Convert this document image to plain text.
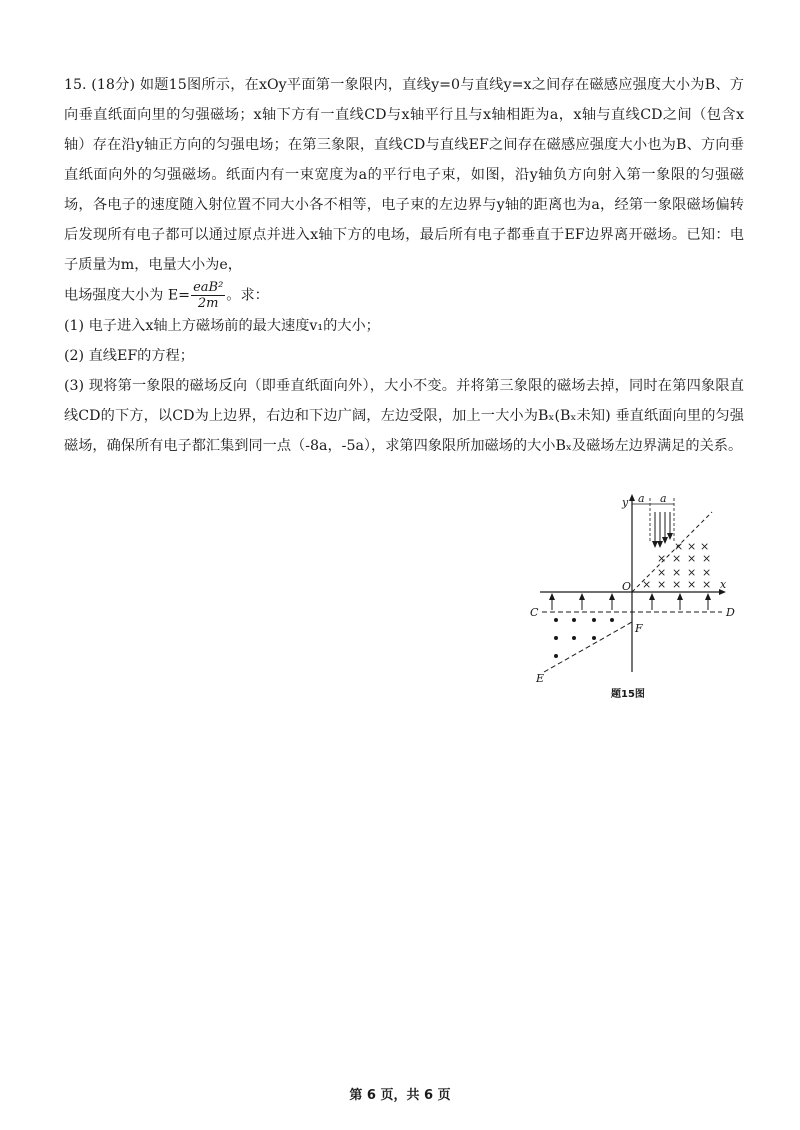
15. (18分) 如题15图所示，在xOy平面第一象限内，直线y=0与直线y=x之间存在磁感应强度大小为B、方向垂直纸面向里的匀强磁场；x轴下方有一直线CD与x轴平行且与x轴相距为a，x轴与直线CD之间（包含x轴）存在沿y轴正方向的匀强电场；在第三象限，直线CD与直线EF之间存在磁感应强度大小也为B、方向垂直纸面向外的匀强磁场。纸面内有一束宽度为a的平行电子束，如图，沿y轴负方向射入第一象限的匀强磁场，各电子的速度随入射位置不同大小各不相等，电子束的左边界与y轴的距离也为a，经第一象限磁场偏转后发现所有电子都可以通过原点并进入x轴下方的电场，最后所有电子都垂直于EF边界离开磁场。已知：电子质量为m，电量大小为e，
电场强度大小为 $E= \frac{\text{eaB²}}{2m}$ 。求：

(1) 电子进入x轴上方磁场前的最大速度v₁的大小；

(2) 直线EF的方程；

(3) 现将第一象限的磁场反向（即垂直纸面向外），大小不变。并将第三象限的磁场去掉，同时在第四象限直线CD的下方，以CD为上边界，右边和下边广阔，左边受限，加上一大小为Bₓ(Bₓ未知) 垂直纸面向里的匀强磁场，确保所有电子都汇集到同一点（-8a，-5a），求第四象限所加磁场的大小Bₓ及磁场左边界满足的关系。

y
x
O
a a
× × ×
× × × ×
× × × ×
× × × × ×
C	D
E
F
题15图
第 6 页，共 6 页
